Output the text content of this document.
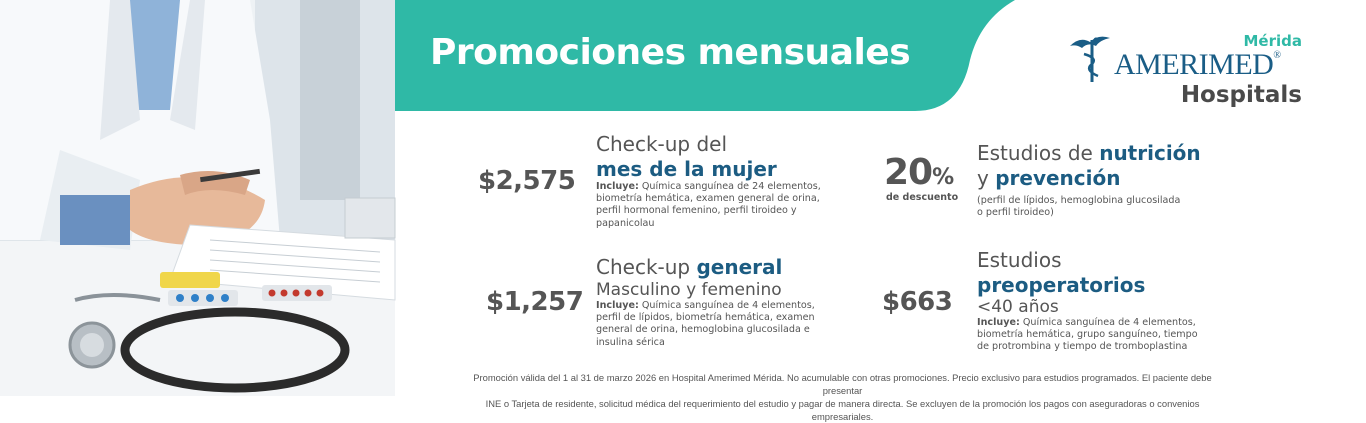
Promociones mensuales	Mérida
AMERIMED®
Hospitals
$2,575
Check-up del
mes de la mujer
Incluye: Química sanguínea de 24 elementos, biometría hemática, examen general de orina, perfil hormonal femenino, perfil tiroideo y papanicolau
$1,257
Check-up general
Masculino y femenino
Incluye: Química sanguínea de 4 elementos, perfil de lípidos, biometría hemática, examen general de orina, hemoglobina glucosilada e insulina sérica
20%
de descuento
Estudios de nutrición
y prevención
(perfil de lípidos, hemoglobina glucosilada o perfil tiroideo)
$663
Estudios
preoperatorios
<40 años
Incluye: Química sanguínea de 4 elementos, biometría hemática, grupo sanguíneo, tiempo de protrombina y tiempo de tromboplastina
Promoción válida del 1 al 31 de marzo 2026 en Hospital Amerimed Mérida. No acumulable con otras promociones. Precio exclusivo para estudios programados. El paciente debe presentar
INE o Tarjeta de residente, solicitud médica del requerimiento del estudio y pagar de manera directa. Se excluyen de la promoción los pagos con aseguradoras o convenios empresariales.
